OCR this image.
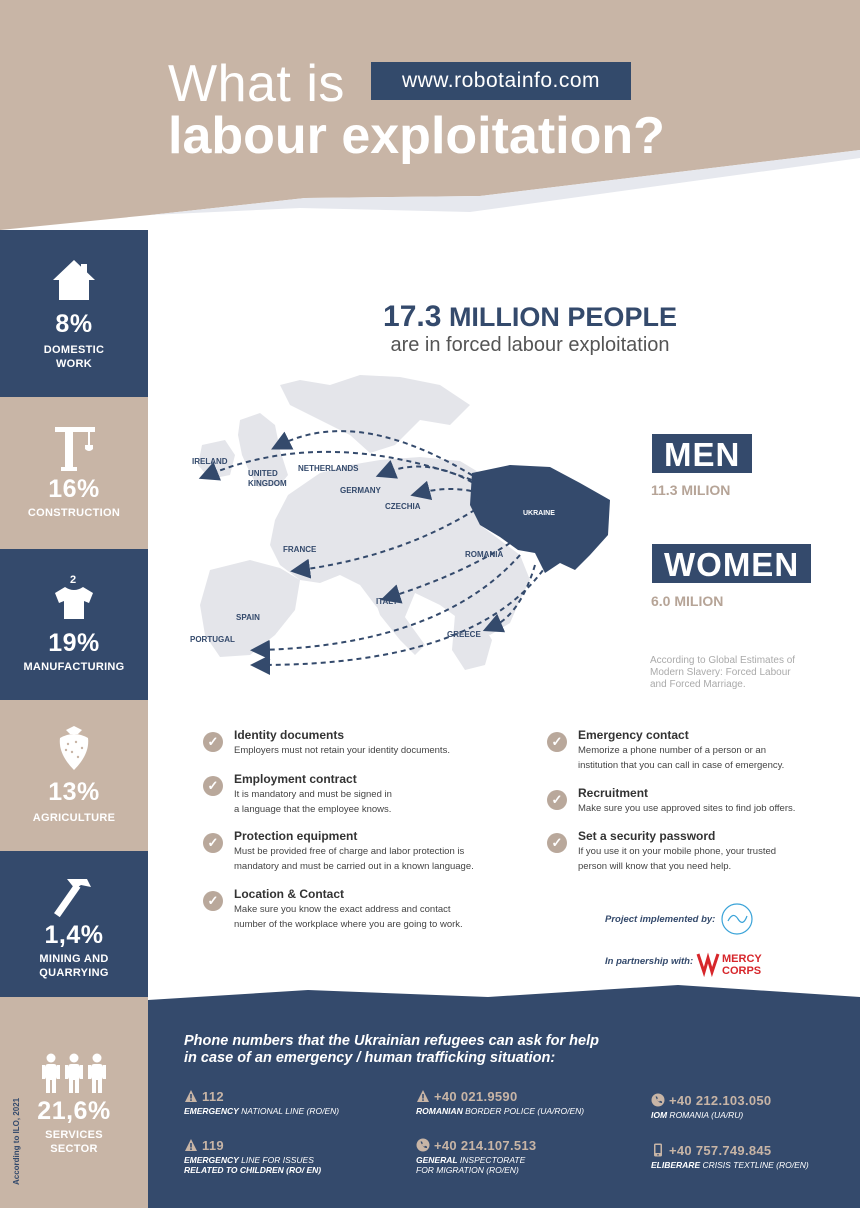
What is	www.robotainfo.com
labour exploitation?
8%
DOMESTIC
WORK
16%
CONSTRUCTION
2
19%
MANUFACTURING
13%
AGRICULTURE
1,4%
MINING AND
QUARRYING
21,6%
SERVICES
SECTOR
According to ILO, 2021
17.3 MILLION PEOPLE
are in forced labour exploitation
IRELAND
UNITED
KINGDOM
NETHERLANDS
GERMANY
CZECHIA
UKRAINE
FRANCE
ROMANIA
SPAIN
ITALY
PORTUGAL
GREECE
MEN
11.3 MILION
WOMEN
6.0 MILION
According to Global Estimates of Modern Slavery: Forced Labour and Forced Marriage.
✓	Identity documents
Employers must not retain your identity documents.
✓	Employment contract
It is mandatory and must be signed in
a language that the employee knows.
✓	Protection equipment
Must be provided free of charge and labor protection is
mandatory and must be carried out in a known language.
✓	Location & Contact
Make sure you know the exact address and contact
number of the workplace where you are going to work.
✓	Emergency contact
Memorize a phone number of a person or an
institution that you can call in case of emergency.
✓	Recruitment
Make sure you use approved sites to find job offers.
✓	Set a security password
If you use it on your mobile phone, your trusted
person will know that you need help.
Project implemented by:
In partnership with:	MERCY
CORPS
Phone numbers that the Ukrainian refugees can ask for help
in case of an emergency / human trafficking situation:
112
EMERGENCY NATIONAL LINE (RO/EN)
119
EMERGENCY LINE FOR ISSUES
RELATED TO CHILDREN (RO/ EN)
+40 021.9590
ROMANIAN BORDER POLICE (UA/RO/EN)
+40 214.107.513
GENERAL INSPECTORATE
FOR MIGRATION (RO/EN)
+40 212.103.050
IOM ROMANIA (UA/RU)
+40 757.749.845
ELIBERARE CRISIS TEXTLINE (RO/EN)
